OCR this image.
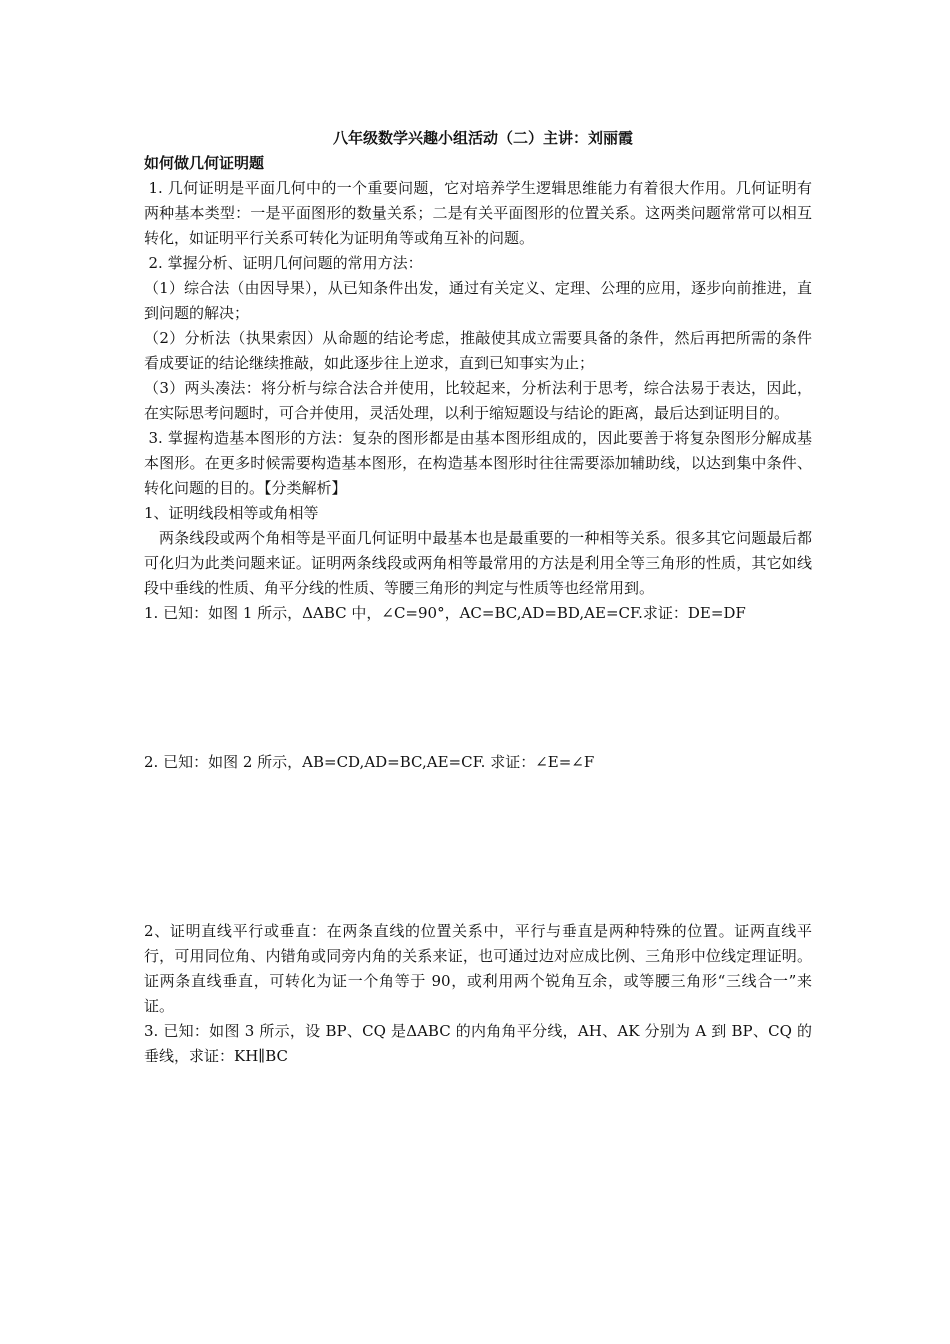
八年级数学兴趣小组活动（二）主讲：刘丽霞

如何做几何证明题

1. 几何证明是平面几何中的一个重要问题，它对培养学生逻辑思维能力有着很大作用。几何证明有两种基本类型：一是平面图形的数量关系；二是有关平面图形的位置关系。这两类问题常常可以相互转化，如证明平行关系可转化为证明角等或角互补的问题。

2. 掌握分析、证明几何问题的常用方法：

（1）综合法（由因导果），从已知条件出发，通过有关定义、定理、公理的应用，逐步向前推进，直到问题的解决；

（2）分析法（执果索因）从命题的结论考虑，推敲使其成立需要具备的条件，然后再把所需的条件看成要证的结论继续推敲，如此逐步往上逆求，直到已知事实为止；

（3）两头凑法：将分析与综合法合并使用，比较起来，分析法利于思考，综合法易于表达，因此，在实际思考问题时，可合并使用，灵活处理，以利于缩短题设与结论的距离，最后达到证明目的。

3. 掌握构造基本图形的方法：复杂的图形都是由基本图形组成的，因此要善于将复杂图形分解成基本图形。在更多时候需要构造基本图形，在构造基本图形时往往需要添加辅助线，以达到集中条件、转化问题的目的。【分类解析】

1、证明线段相等或角相等

两条线段或两个角相等是平面几何证明中最基本也是最重要的一种相等关系。很多其它问题最后都可化归为此类问题来证。证明两条线段或两角相等最常用的方法是利用全等三角形的性质，其它如线段中垂线的性质、角平分线的性质、等腰三角形的判定与性质等也经常用到。

1. 已知：如图 1 所示，ΔABC 中，∠C=90°，AC=BC,AD=BD,AE=CF.求证：DE=DF

2. 已知：如图 2 所示，AB=CD,AD=BC,AE=CF. 求证：∠E=∠F

2、证明直线平行或垂直：在两条直线的位置关系中，平行与垂直是两种特殊的位置。证两直线平行，可用同位角、内错角或同旁内角的关系来证，也可通过边对应成比例、三角形中位线定理证明。证两条直线垂直，可转化为证一个角等于 90，或利用两个锐角互余，或等腰三角形“三线合一”来证。

3. 已知：如图 3 所示，设 BP、CQ 是ΔABC 的内角角平分线，AH、AK 分别为 A 到 BP、CQ 的垂线，求证：KH∥BC
